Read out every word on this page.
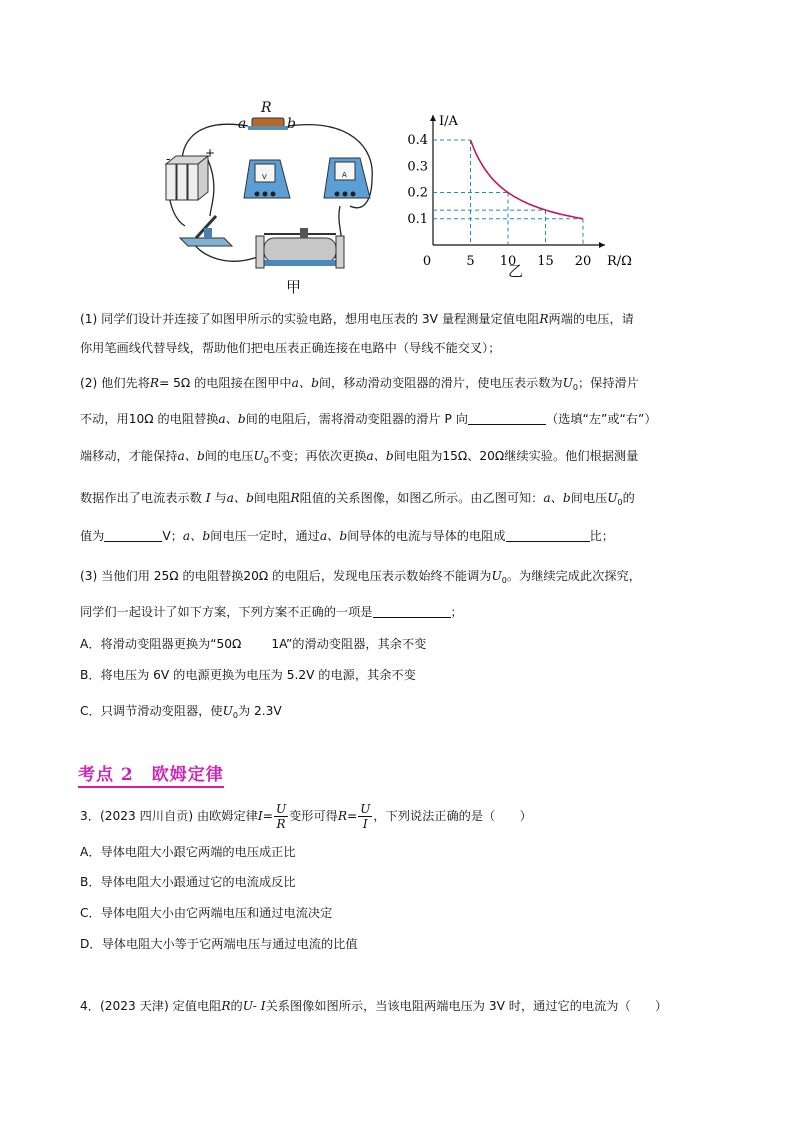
R
a	b
-	+
V	A
甲
I/A
R/Ω
0
0.1
0.2
0.3
0.4
5 10 15 20
乙
(1) 同学们设计并连接了如图甲所示的实验电路，想用电压表的 3V 量程测量定值电阻R两端的电压，请
你用笔画线代替导线，帮助他们把电压表正确连接在电路中（导线不能交叉）；
(2) 他们先将R= 5Ω 的电阻接在图甲中a、b间，移动滑动变阻器的滑片，使电压表示数为$U_0$；保持滑片
不动，用10Ω 的电阻替换a、b间的电阻后，需将滑动变阻器的滑片 P 向	（选填“左”或“右”）
端移动，才能保持a、b间的电压$U_0$不变；再依次更换a、b间电阻为15Ω、20Ω继续实验。他们根据测量
数据作出了电流表示数 I 与a、b间电阻R阻值的关系图像，如图乙所示。由乙图可知：a、b间电压$U_0$的
值为	V；a、b间电压一定时，通过a、b间导体的电流与导体的电阻成	比；
(3) 当他们用 25Ω 的电阻替换20Ω 的电阻后，发现电压表示数始终不能调为$U_0$。为继续完成此次探究，
同学们一起设计了如下方案，下列方案不正确的一项是	；
A．将滑动变阻器更换为“50Ω 1A”的滑动变阻器，其余不变
B．将电压为 6V 的电源更换为电压为 5.2V 的电源，其余不变
C．只调节滑动变阻器，使$U_0$为 2.3V
考点 2　欧姆定律
3．(2023 四川自贡) 由欧姆定律$I= \frac{U}{R}$ 变形可得$R= \frac{U}{I}$ ，下列说法正确的是（　　）
A．导体电阻大小跟它两端的电压成正比
B．导体电阻大小跟通过它的电流成反比
C．导体电阻大小由它两端电压和通过电流决定
D．导体电阻大小等于它两端电压与通过电流的比值
4．(2023 天津) 定值电阻R的U- I关系图像如图所示，当该电阻两端电压为 3V 时，通过它的电流为（　　）
